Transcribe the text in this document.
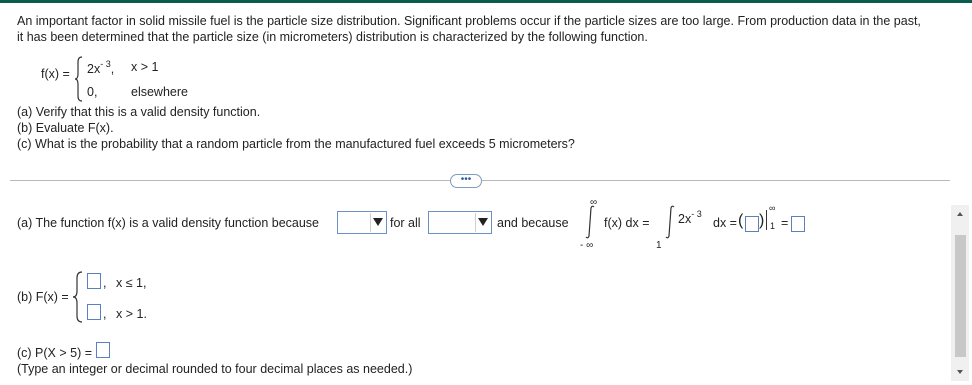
An important factor in solid missile fuel is the particle size distribution. Significant problems occur if the particle sizes are too large. From production data in the past,
it has been determined that the particle size (in micrometers) distribution is characterized by the following function.
$f(x) = 2x^{- 3}$, x > 1
0,	elsewhere
(a) Verify that this is a valid density function.
(b) Evaluate F(x).
(c) What is the probability that a random particle from the manufactured fuel exceeds 5 micrometers?
•••
(a) The function f(x) is a valid density function because	for all	and because
∞
- ∞
f(x) dx =
1
$2x^{- 3}$
dx = ( )
∞
1 =
(b) F(x) =
, x ≤ 1,
, x > 1.
(c) P(X > 5) =
(Type an integer or decimal rounded to four decimal places as needed.)
